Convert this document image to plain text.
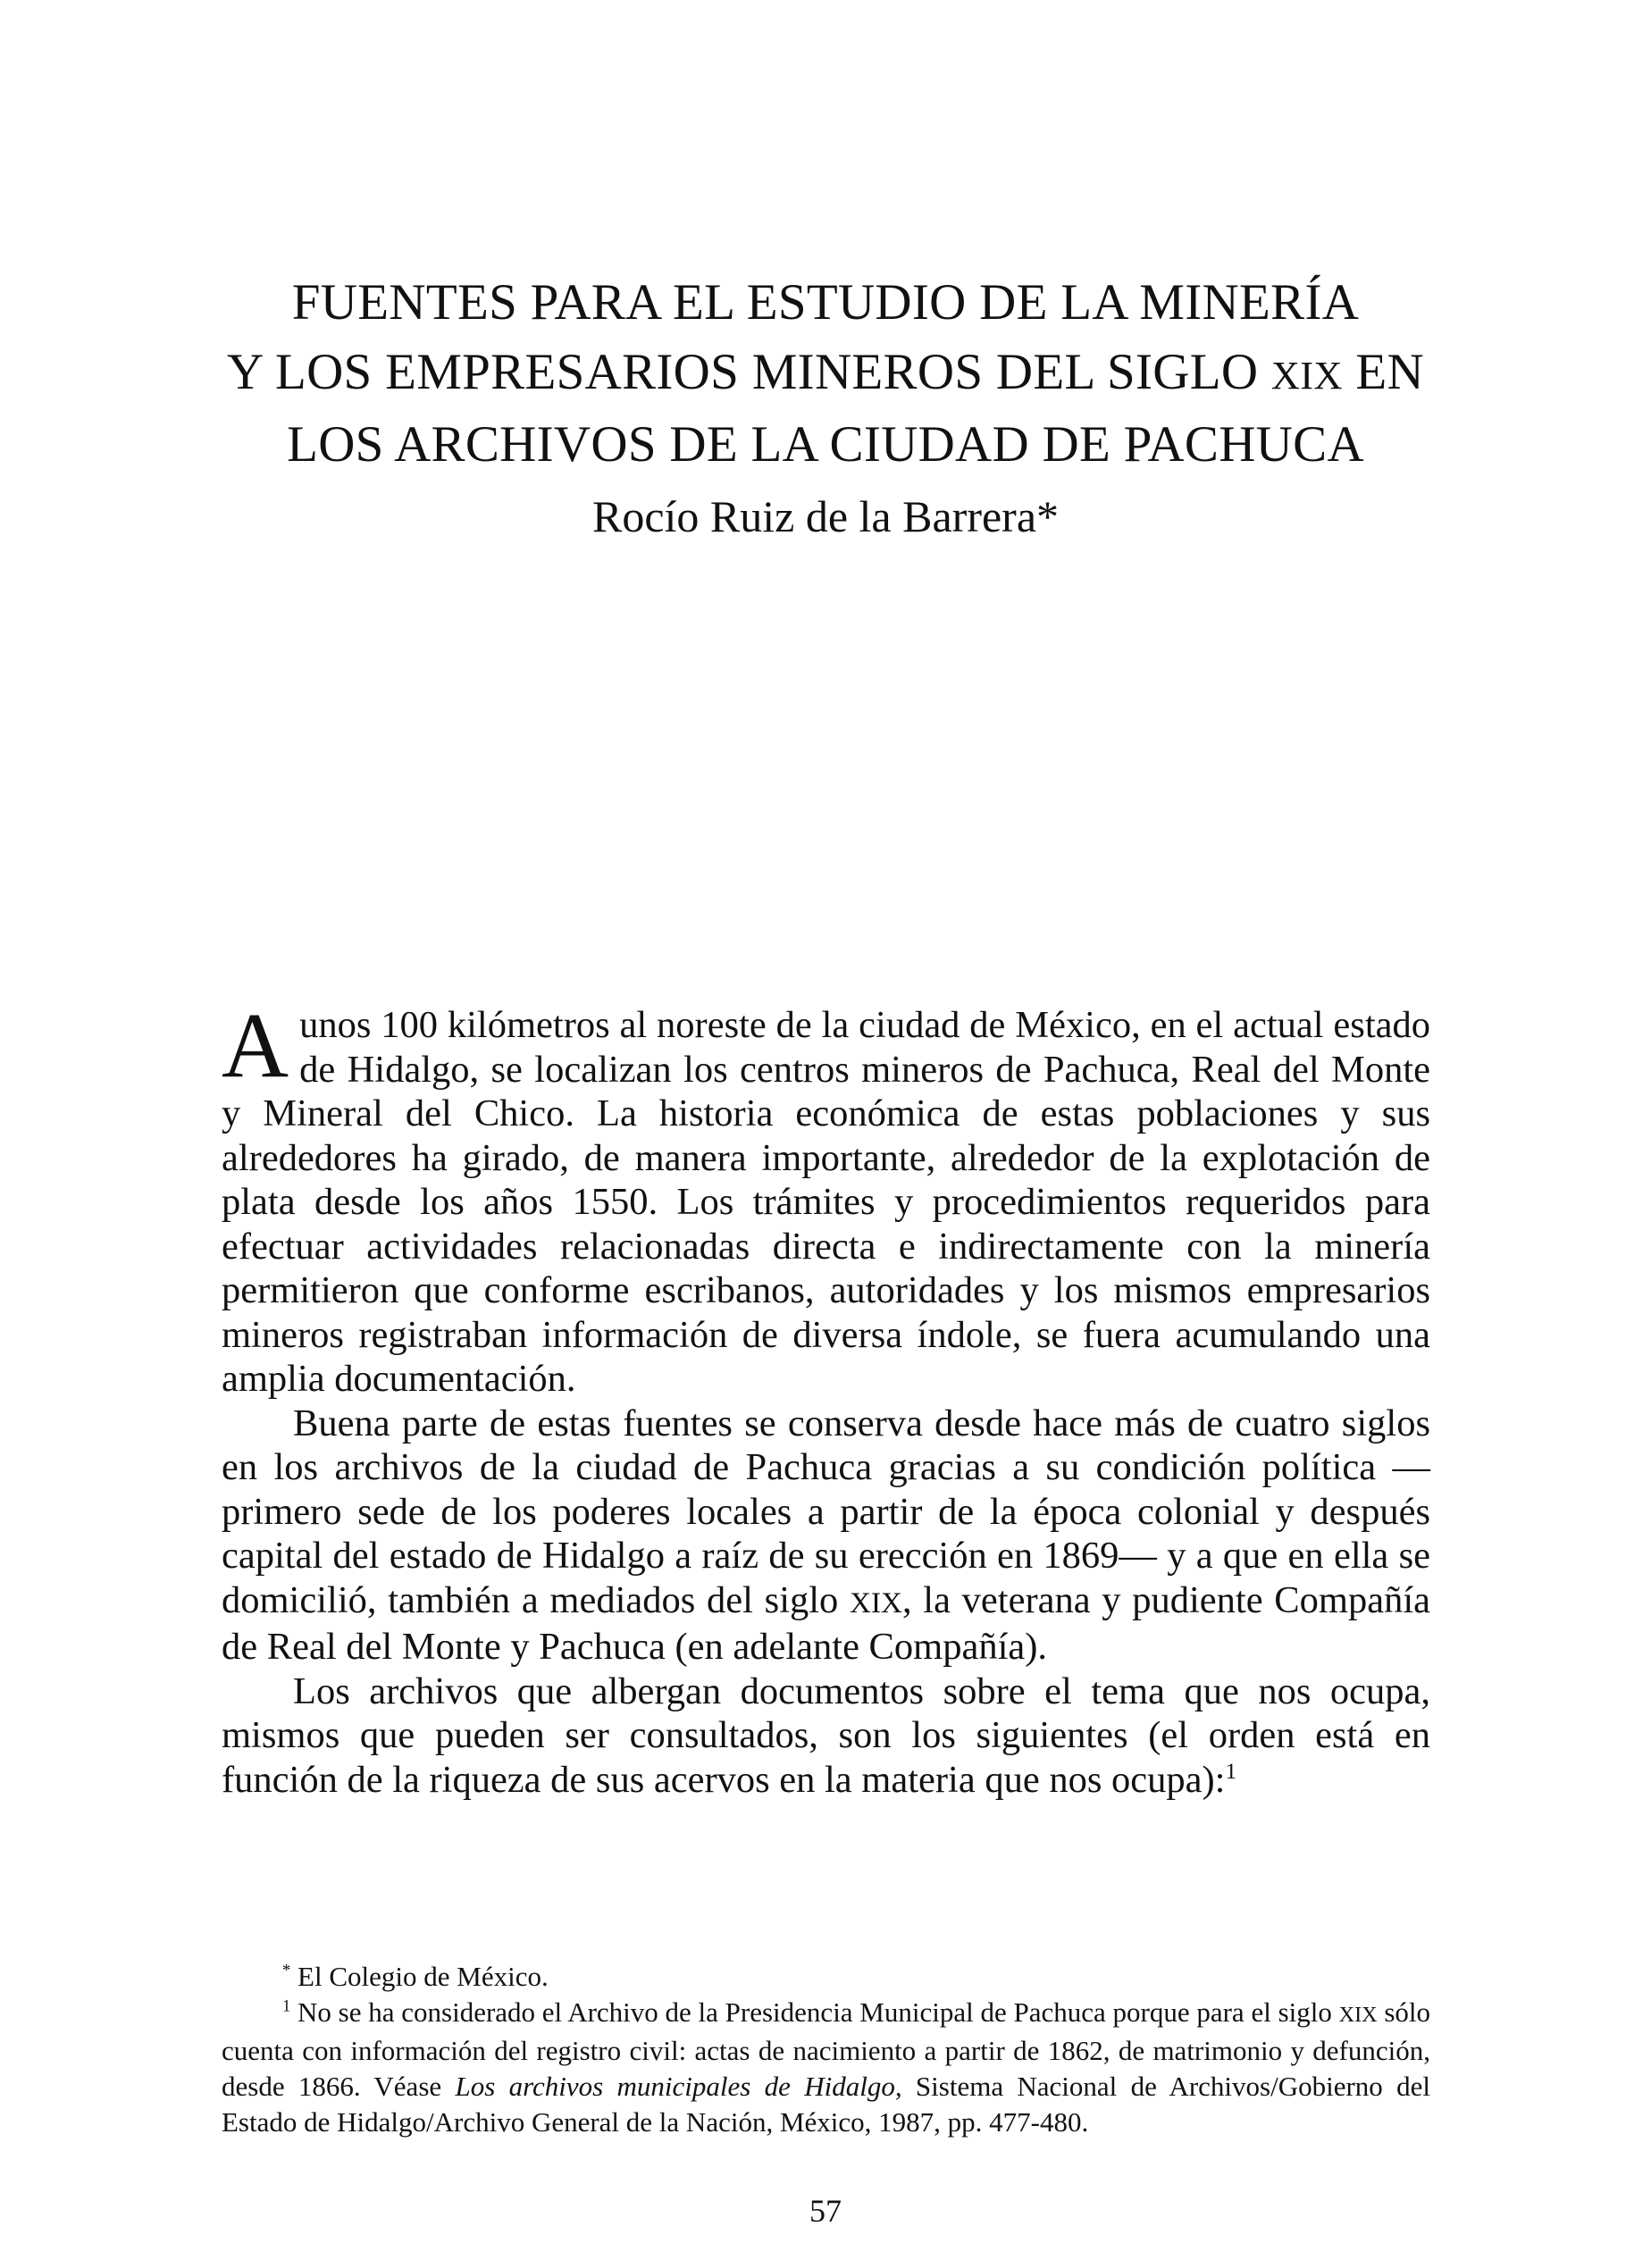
FUENTES PARA EL ESTUDIO DE LA MINERÍA
Y LOS EMPRESARIOS MINEROS DEL SIGLO XIX EN
LOS ARCHIVOS DE LA CIUDAD DE PACHUCA

Rocío Ruiz de la Barrera*

Aunos 100 kilómetros al noreste de la ciudad de México, en el actual estado de Hidalgo, se localizan los centros mineros de Pachuca, Real del Monte y Mineral del Chico. La historia económica de estas poblaciones y sus alrededores ha girado, de manera importante, alrededor de la explotación de plata desde los años 1550. Los trámites y procedimientos requeridos para efectuar actividades relacionadas directa e indirectamente con la minería permitieron que conforme escribanos, autoridades y los mismos empresarios mineros registraban información de diversa índole, se fuera acumulando una amplia documentación.

Buena parte de estas fuentes se conserva desde hace más de cuatro siglos en los archivos de la ciudad de Pachuca gracias a su condición política —primero sede de los poderes locales a partir de la época colonial y después capital del estado de Hidalgo a raíz de su erección en 1869— y a que en ella se domicilió, también a mediados del siglo XIX, la veterana y pudiente Compañía de Real del Monte y Pachuca (en adelante Compañía).

Los archivos que albergan documentos sobre el tema que nos ocupa, mismos que pueden ser consultados, son los siguientes (el orden está en función de la riqueza de sus acervos en la materia que nos ocupa):$^1$

* El Colegio de México.

$^1$ No se ha considerado el Archivo de la Presidencia Municipal de Pachuca porque para el siglo XIX sólo cuenta con información del registro civil: actas de nacimiento a partir de 1862, de matrimonio y defunción, desde 1866. Véase Los archivos municipales de Hidalgo, Sistema Nacional de Archivos/Gobierno del Estado de Hidalgo/Archivo General de la Nación, México, 1987, pp. 477-480.

57
